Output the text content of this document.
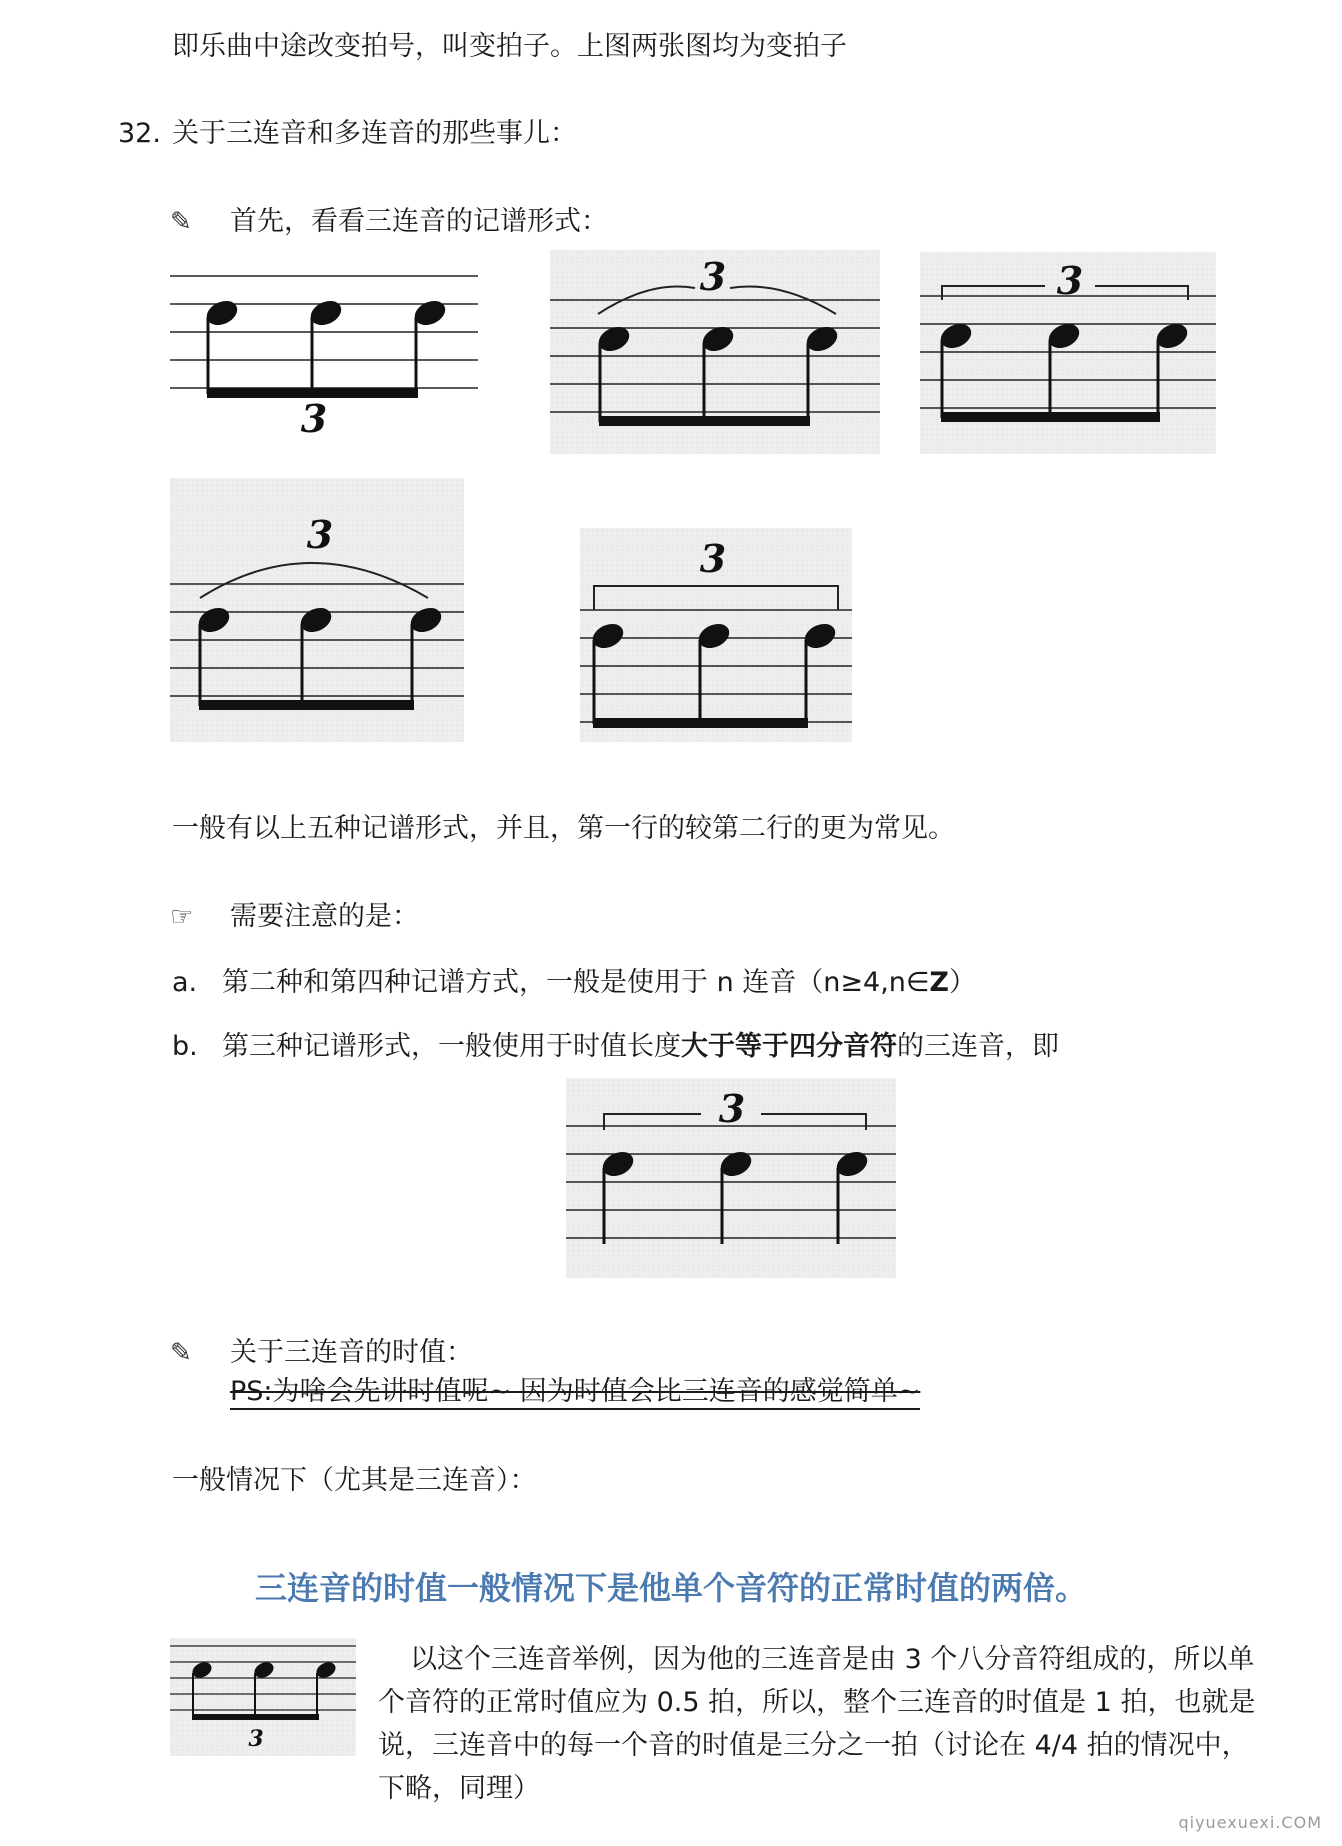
即乐曲中途改变拍号，叫变拍子。上图两张图均为变拍子
32. 关于三连音和多连音的那些事儿：
✎ 首先，看看三连音的记谱形式：
3
3	3
3
3
一般有以上五种记谱形式，并且，第一行的较第二行的更为常见。
☞ 需要注意的是：
a. 第二种和第四种记谱方式，一般是使用于 n 连音（n≥4,n∈Z）
b. 第三种记谱形式，一般使用于时值长度大于等于四分音符的三连音，即
3
✎ 关于三连音的时值：
PS:为啥会先讲时值呢~ 因为时值会比三连音的感觉简单~
一般情况下（尤其是三连音）：
三连音的时值一般情况下是他单个音符的正常时值的两倍。
3
以这个三连音举例，因为他的三连音是由 3 个八分音符组成的，所以单个音符的正常时值应为 0.5 拍，所以，整个三连音的时值是 1 拍，也就是说，三连音中的每一个音的时值是三分之一拍（讨论在 4/4 拍的情况中，下略，同理）
qiyuexuexi.COM
